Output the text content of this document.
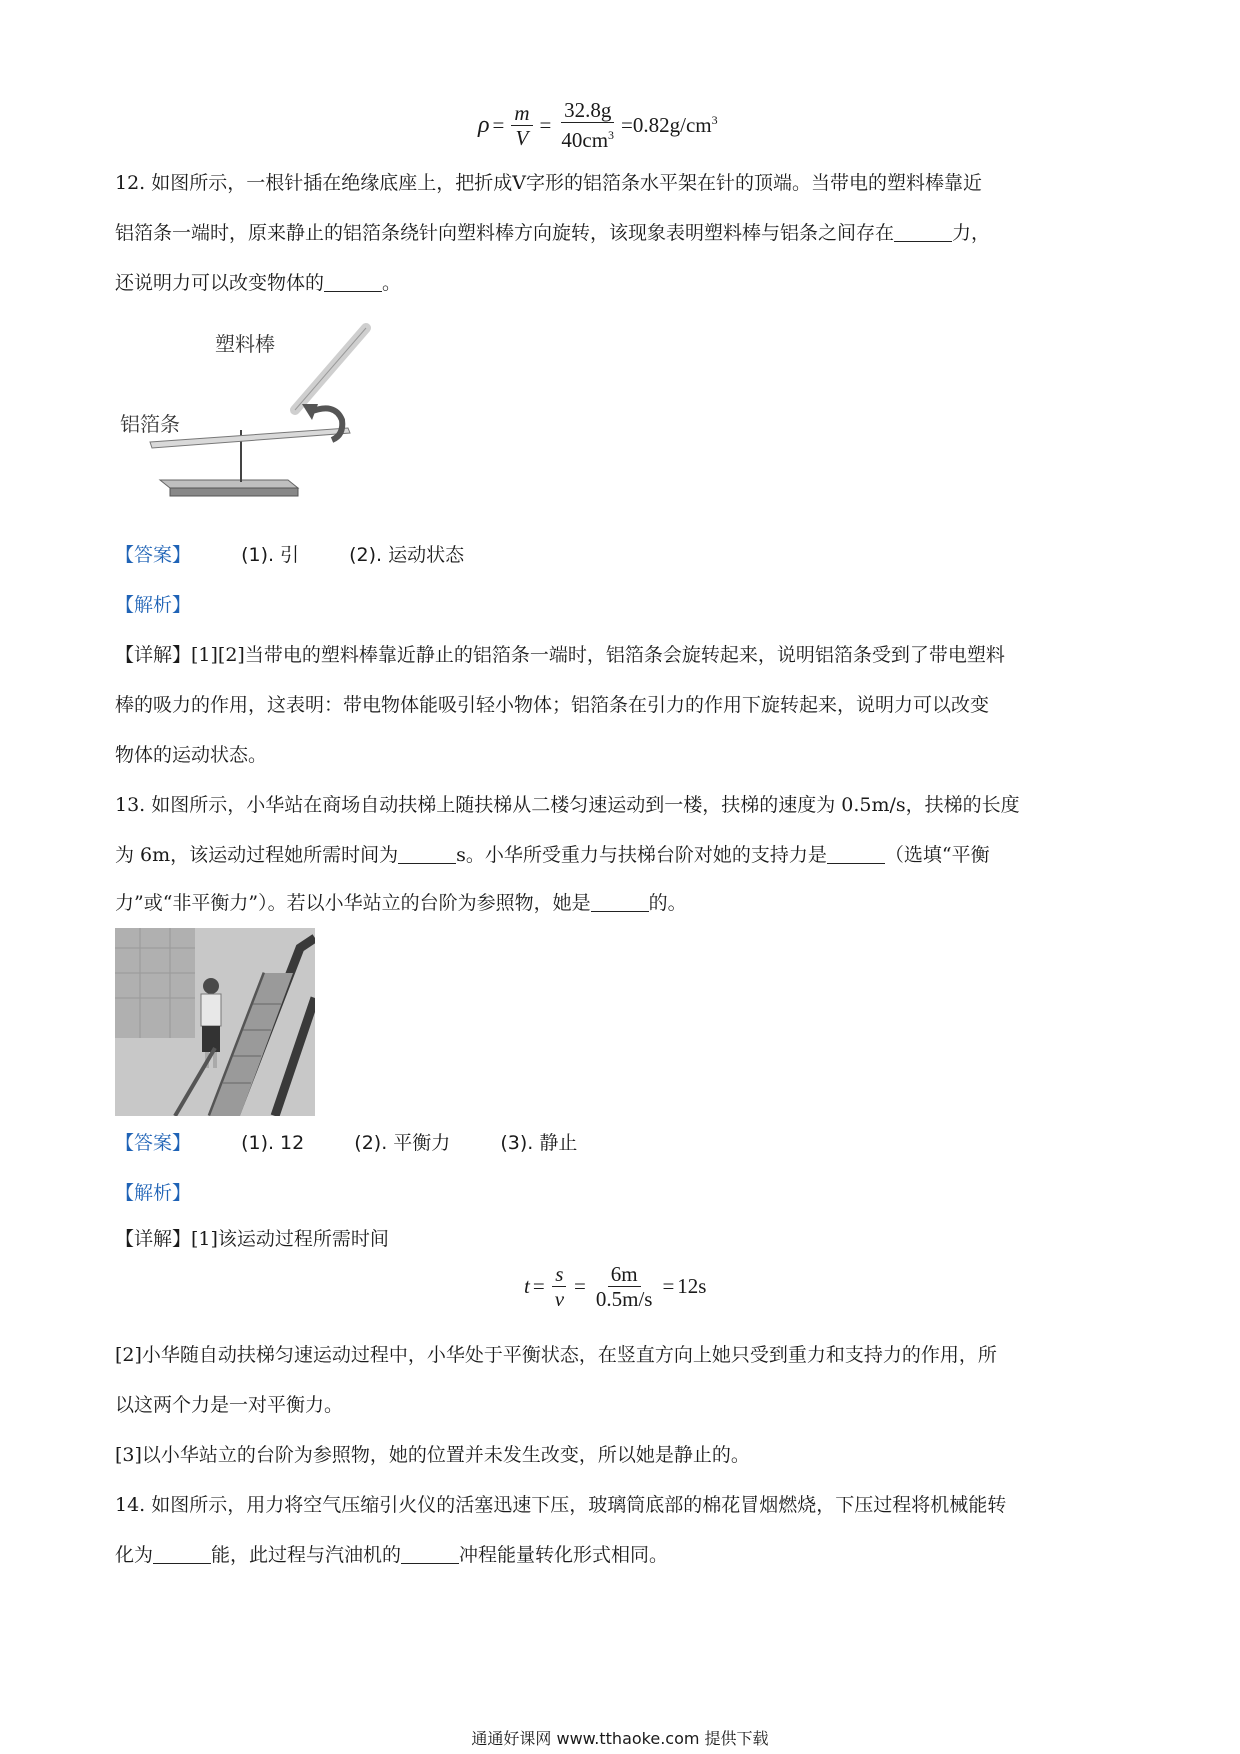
$\rho = \frac{m}{V} = \frac{32.8g}{40cm^3} =0.82g/cm^3$
12. 如图所示，一根针插在绝缘底座上，把折成V字形的铝箔条水平架在针的顶端。当带电的塑料棒靠近
铝箔条一端时，原来静止的铝箔条绕针向塑料棒方向旋转，该现象表明塑料棒与铝条之间存在	力，
还说明力可以改变物体的	。
塑料棒
铝箔条
【答案】	(1). 引	(2). 运动状态
【解析】
【详解】[1][2]当带电的塑料棒靠近静止的铝箔条一端时，铝箔条会旋转起来，说明铝箔条受到了带电塑料
棒的吸力的作用，这表明：带电物体能吸引轻小物体；铝箔条在引力的作用下旋转起来，说明力可以改变
物体的运动状态。
13. 如图所示，小华站在商场自动扶梯上随扶梯从二楼匀速运动到一楼，扶梯的速度为 0.5m/s，扶梯的长度
为 6m，该运动过程她所需时间为	s。小华所受重力与扶梯台阶对她的支持力是	（选填“平衡
力”或“非平衡力”）。若以小华站立的台阶为参照物，她是	的。
【答案】	(1). 12	(2). 平衡力	(3). 静止
【解析】
【详解】[1]该运动过程所需时间
$t = \frac{s}{v} = \frac{6m}{0.5m/s} = 12s$
[2]小华随自动扶梯匀速运动过程中，小华处于平衡状态，在竖直方向上她只受到重力和支持力的作用，所
以这两个力是一对平衡力。
[3]以小华站立的台阶为参照物，她的位置并未发生改变，所以她是静止的。
14. 如图所示，用力将空气压缩引火仪的活塞迅速下压，玻璃筒底部的棉花冒烟燃烧，下压过程将机械能转
化为	能，此过程与汽油机的	冲程能量转化形式相同。
通通好课网 www.tthaoke.com 提供下载
